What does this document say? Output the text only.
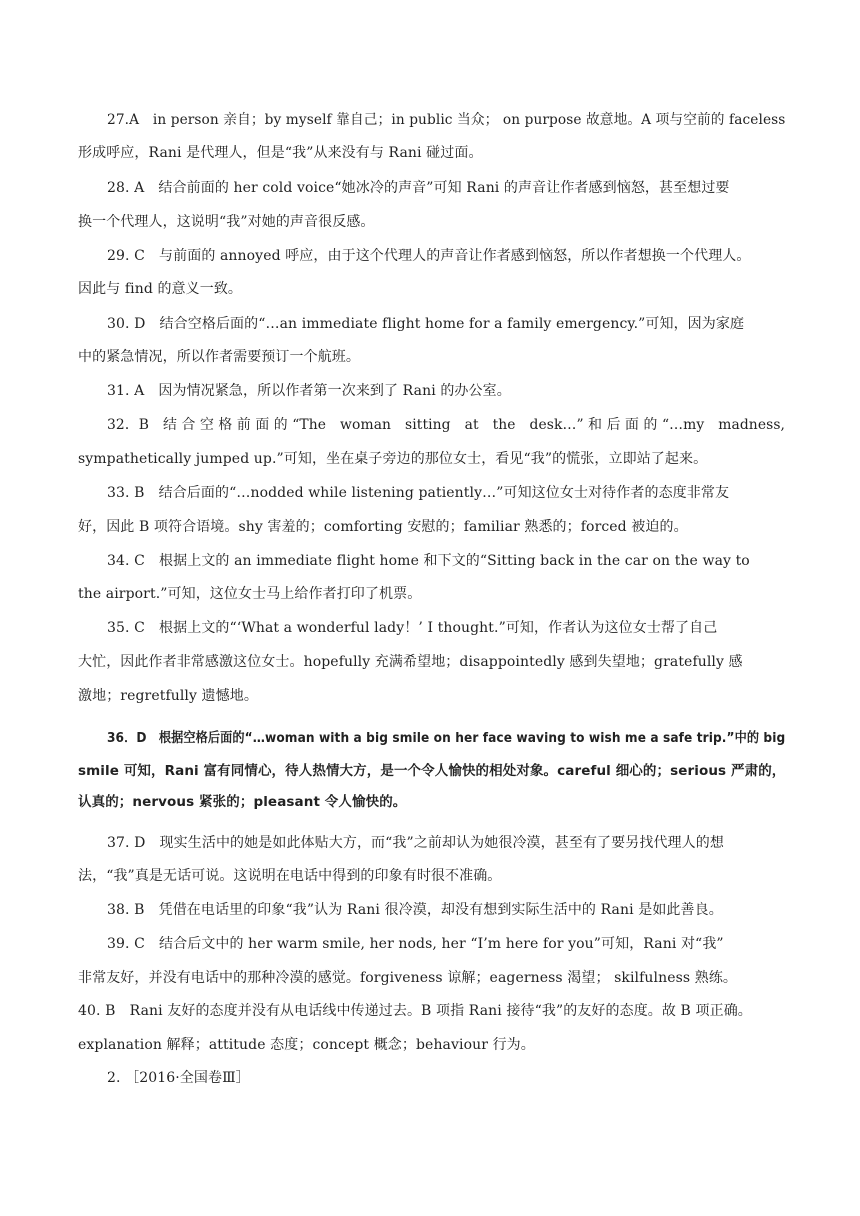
27.A　in person 亲自；by myself 靠自己；in public 当众； on purpose 故意地。A 项与空前的 faceless
形成呼应，Rani 是代理人，但是“我”从来没有与 Rani 碰过面。
28. A　结合前面的 her cold voice“她冰冷的声音”可知 Rani 的声音让作者感到恼怒，甚至想过要
换一个代理人，这说明“我”对她的声音很反感。
29. C　与前面的 annoyed 呼应，由于这个代理人的声音让作者感到恼怒，所以作者想换一个代理人。
因此与 find 的意义一致。
30. D　结合空格后面的“…an immediate flight home for a family emergency.”可知，因为家庭
中的紧急情况，所以作者需要预订一个航班。
31. A　因为情况紧急，所以作者第一次来到了 Rani 的办公室。
32．B　结 合 空 格 前 面 的 “The　woman　sitting　at　the　desk…” 和 后 面 的 “…my　madness,
sympathetically jumped up.”可知，坐在桌子旁边的那位女士，看见“我”的慌张，立即站了起来。
33. B　结合后面的“…nodded while listening patiently…”可知这位女士对待作者的态度非常友
好，因此 B 项符合语境。shy 害羞的；comforting 安慰的；familiar 熟悉的；forced 被迫的。
34. C　根据上文的 an immediate flight home 和下文的“Sitting back in the car on the way to
the airport.”可知，这位女士马上给作者打印了机票。
35. C　根据上文的“‘What a wonderful lady！’ I thought.”可知，作者认为这位女士帮了自己
大忙，因此作者非常感激这位女士。hopefully 充满希望地；disappointedly 感到失望地；gratefully 感
激地；regretfully 遗憾地。
36．D　根据空格后面的“…woman with a big smile on her face waving to wish me a safe trip.”中的 big
smile 可知，Rani 富有同情心，待人热情大方，是一个令人愉快的相处对象。careful 细心的；serious 严肃的，
认真的；nervous 紧张的；pleasant 令人愉快的。
37. D　现实生活中的她是如此体贴大方，而“我”之前却认为她很冷漠，甚至有了要另找代理人的想
法，“我”真是无话可说。这说明在电话中得到的印象有时很不准确。
38. B　凭借在电话里的印象“我”认为 Rani 很冷漠，却没有想到实际生活中的 Rani 是如此善良。
39. C　结合后文中的 her warm smile, her nods, her “I’m here for you”可知，Rani 对“我”
非常友好，并没有电话中的那种冷漠的感觉。forgiveness 谅解；eagerness 渴望； skilfulness 熟练。
40. B　Rani 友好的态度并没有从电话线中传递过去。B 项指 Rani 接待“我”的友好的态度。故 B 项正确。
explanation 解释；attitude 态度；concept 概念；behaviour 行为。
2. ［2016·全国卷Ⅲ］
